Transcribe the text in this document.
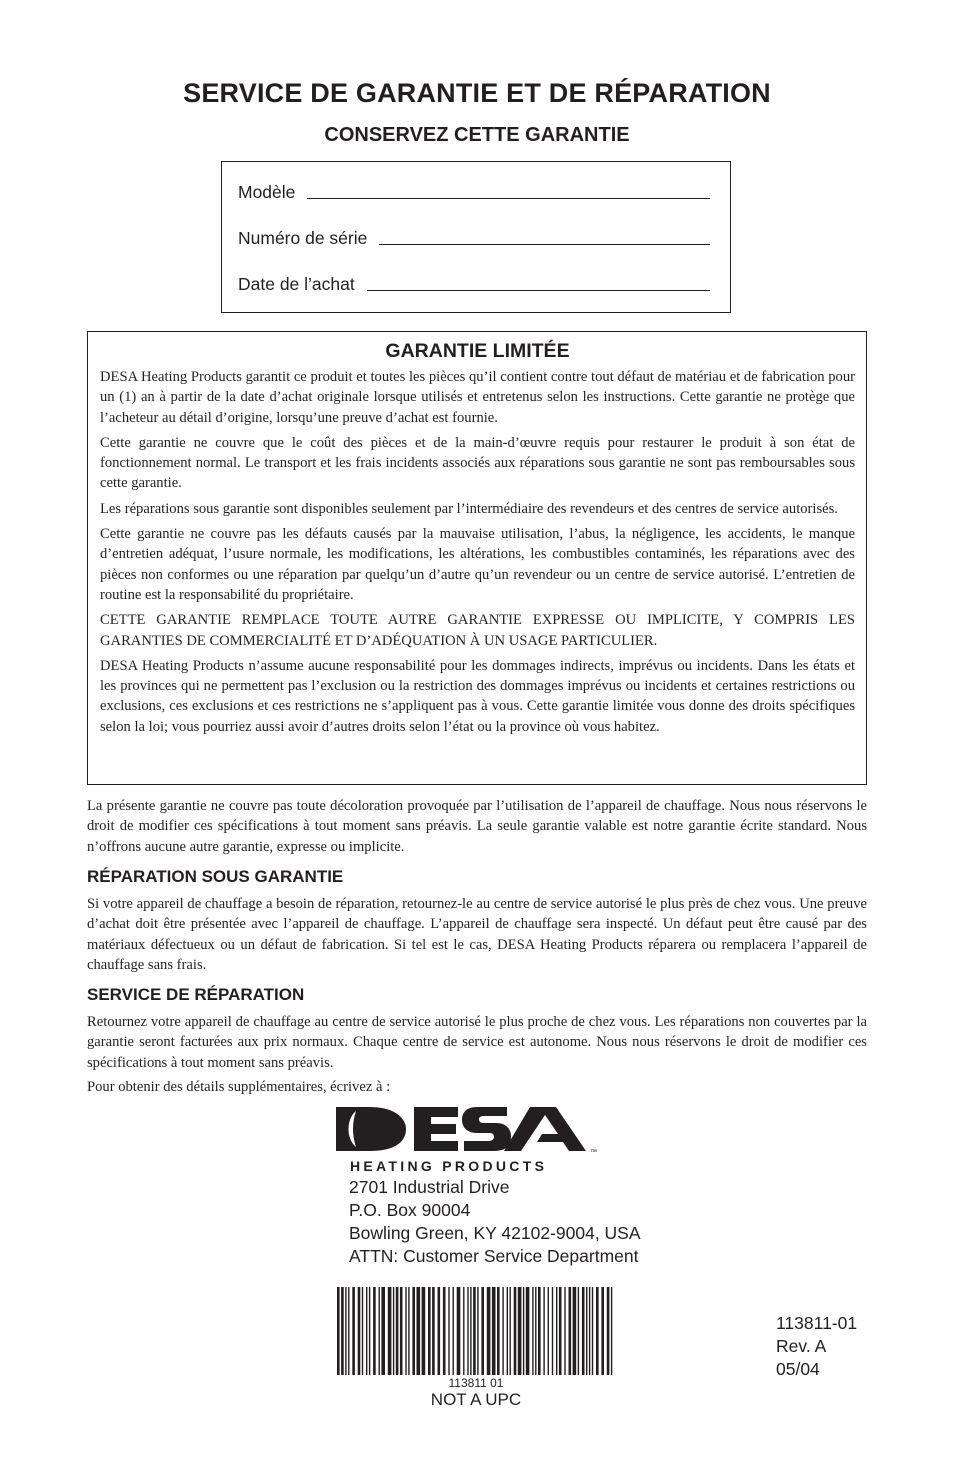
SERVICE DE GARANTIE ET DE RÉPARATION
CONSERVEZ CETTE GARANTIE
Modèle
Numéro de série
Date de l’achat
GARANTIE LIMITÉE

DESA Heating Products garantit ce produit et toutes les pièces qu’il contient contre tout défaut de matériau et de fabrication pour un (1) an à partir de la date d’achat originale lorsque utilisés et entretenus selon les instructions. Cette garantie ne protège que l’acheteur au détail d’origine, lorsqu’une preuve d’achat est fournie.

Cette garantie ne couvre que le coût des pièces et de la main-d’œuvre requis pour restaurer le produit à son état de fonctionnement normal. Le transport et les frais incidents associés aux réparations sous garantie ne sont pas remboursables sous cette garantie.

Les réparations sous garantie sont disponibles seulement par l’intermédiaire des revendeurs et des centres de service autorisés.

Cette garantie ne couvre pas les défauts causés par la mauvaise utilisation, l’abus, la négligence, les accidents, le manque d’entretien adéquat, l’usure normale, les modifications, les altérations, les combustibles contaminés, les réparations avec des pièces non conformes ou une réparation par quelqu’un d’autre qu’un revendeur ou un centre de service autorisé. L’entretien de routine est la responsabilité du propriétaire.

CETTE GARANTIE REMPLACE TOUTE AUTRE GARANTIE EXPRESSE OU IMPLICITE, Y COMPRIS LES GARANTIES DE COMMERCIALITÉ ET D’ADÉQUATION À UN USAGE PARTICULIER.

DESA Heating Products n’assume aucune responsabilité pour les dommages indirects, imprévus ou incidents. Dans les états et les provinces qui ne permettent pas l’exclusion ou la restriction des dommages imprévus ou incidents et certaines restrictions ou exclusions, ces exclusions et ces restrictions ne s’appliquent pas à vous. Cette garantie limitée vous donne des droits spécifiques selon la loi; vous pourriez aussi avoir d’autres droits selon l’état ou la province où vous habitez.

La présente garantie ne couvre pas toute décoloration provoquée par l’utilisation de l’appareil de chauffage. Nous nous réservons le droit de modifier ces spécifications à tout moment sans préavis. La seule garantie valable est notre garantie écrite standard. Nous n’offrons aucune autre garantie, expresse ou implicite.

RÉPARATION SOUS GARANTIE

Si votre appareil de chauffage a besoin de réparation, retournez-le au centre de service autorisé le plus près de chez vous. Une preuve d’achat doit être présentée avec l’appareil de chauffage. L’appareil de chauffage sera inspecté. Un défaut peut être causé par des matériaux défectueux ou un défaut de fabrication. Si tel est le cas, DESA Heating Products réparera ou remplacera l’appareil de chauffage sans frais.

SERVICE DE RÉPARATION

Retournez votre appareil de chauffage au centre de service autorisé le plus proche de chez vous. Les réparations non couvertes par la garantie seront facturées aux prix normaux. Chaque centre de service est autonome. Nous nous réservons le droit de modifier ces spécifications à tout moment sans préavis.

Pour obtenir des détails supplémentaires, écrivez à :

™
HEATING PRODUCTS
2701 Industrial Drive
P.O. Box 90004
Bowling Green, KY 42102-9004, USA
ATTN: Customer Service Department
113811 01
NOT A UPC
113811-01
Rev. A
05/04
